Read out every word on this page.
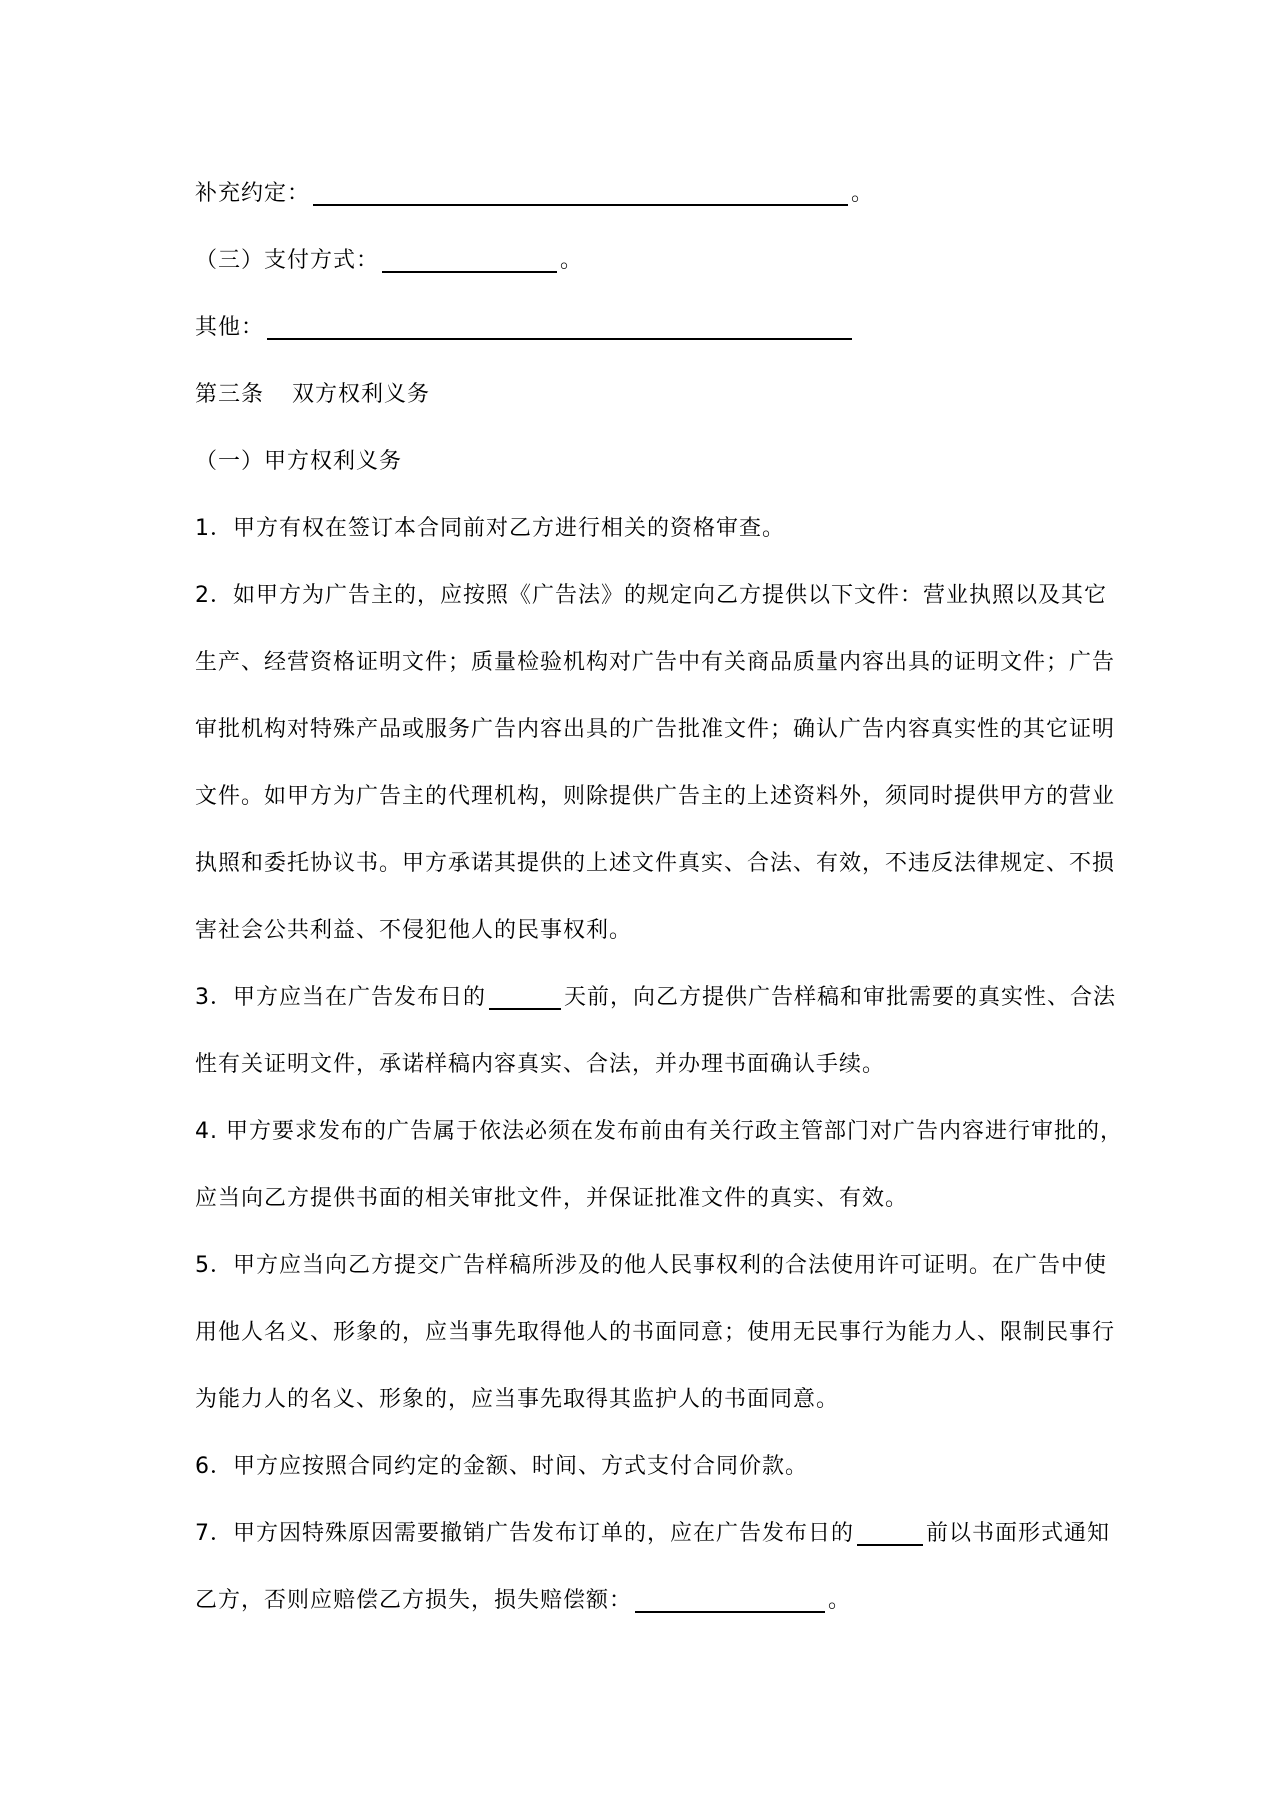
补充约定：	。
（三）支付方式：	。
其他：
第三条 双方权利义务
（一）甲方权利义务
1．甲方有权在签订本合同前对乙方进行相关的资格审查。
2．如甲方为广告主的，应按照《广告法》的规定向乙方提供以下文件：营业执照以及其它
生产、经营资格证明文件；质量检验机构对广告中有关商品质量内容出具的证明文件；广告
审批机构对特殊产品或服务广告内容出具的广告批准文件；确认广告内容真实性的其它证明
文件。如甲方为广告主的代理机构，则除提供广告主的上述资料外，须同时提供甲方的营业
执照和委托协议书。甲方承诺其提供的上述文件真实、合法、有效，不违反法律规定、不损
害社会公共利益、不侵犯他人的民事权利。
3．甲方应当在广告发布日的	天前，向乙方提供广告样稿和审批需要的真实性、合法
性有关证明文件，承诺样稿内容真实、合法，并办理书面确认手续。
4. 甲方要求发布的广告属于依法必须在发布前由有关行政主管部门对广告内容进行审批的，
应当向乙方提供书面的相关审批文件，并保证批准文件的真实、有效。
5．甲方应当向乙方提交广告样稿所涉及的他人民事权利的合法使用许可证明。在广告中使
用他人名义、形象的，应当事先取得他人的书面同意；使用无民事行为能力人、限制民事行
为能力人的名义、形象的，应当事先取得其监护人的书面同意。
6．甲方应按照合同约定的金额、时间、方式支付合同价款。
7．甲方因特殊原因需要撤销广告发布订单的，应在广告发布日的	前以书面形式通知
乙方，否则应赔偿乙方损失，损失赔偿额：	。
